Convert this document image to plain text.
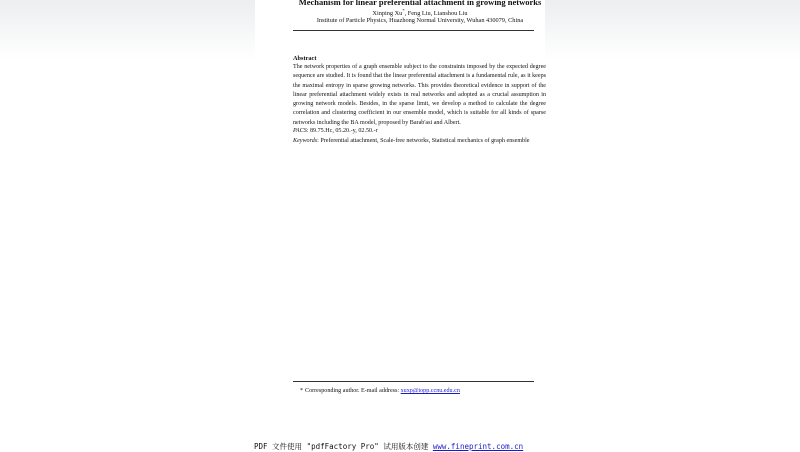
Mechanism for linear preferential attachment in growing networks
Xinping Xu*, Feng Liu, Lianshou Liu
Institute of Particle Physics, Huazhong Normal University, Wuhan 430079, China
Abstract
The network properties of a graph ensemble subject to the constraints imposed by the expected degree sequence are studied. It is found that the linear preferential attachment is a fundamental rule, as it keeps the maximal entropy in sparse growing networks. This provides theoretical evidence in support of the linear preferential attachment widely exists in real networks and adopted as a crucial assumption in growing network models. Besides, in the sparse limit, we develop a method to calculate the degree correlation and clustering coefficient in our ensemble model, which is suitable for all kinds of sparse networks including the BA model, proposed by Barab'asi and Albert.
PACS: 89.75.Hc, 05.20.-y, 02.50.-r
Keywords: Preferential attachment, Scale-free networks, Statistical mechanics of graph ensemble
* Corresponding author. E-mail address: xuxp@iopp.ccnu.edu.cn
PDF 文件使用 "pdfFactory Pro" 试用版本创建 www.fineprint.com.cn
